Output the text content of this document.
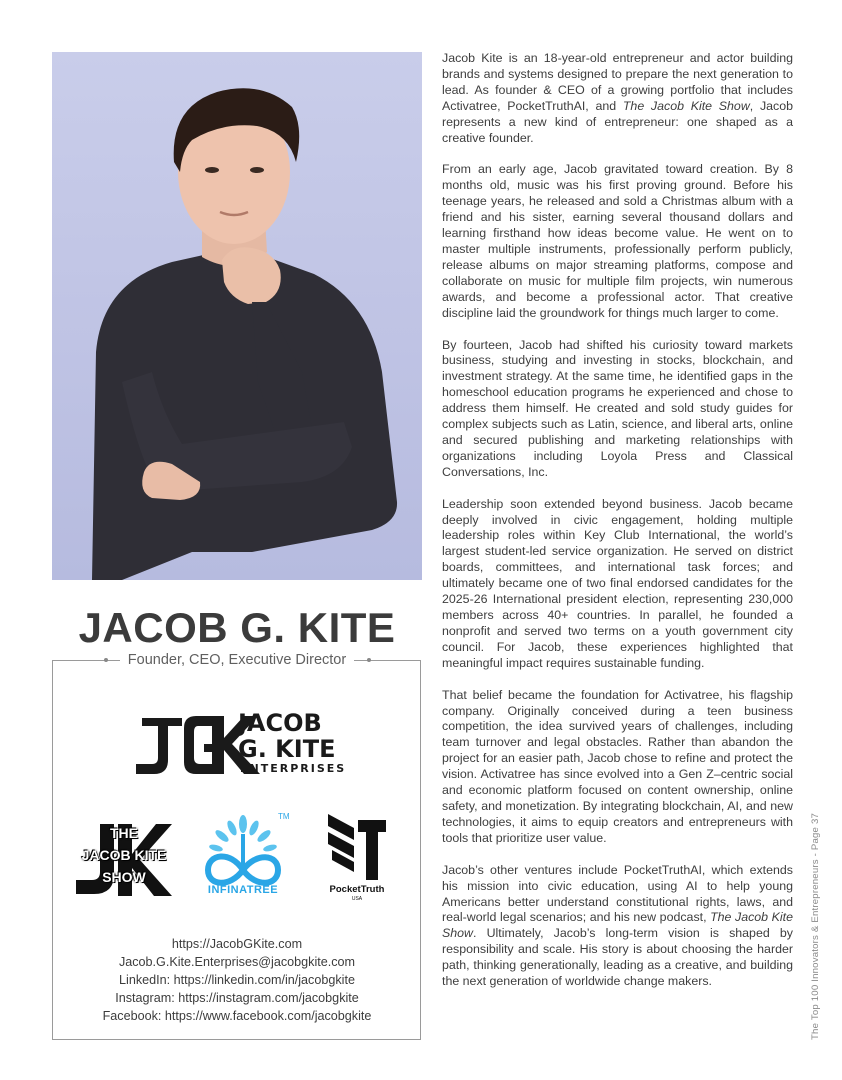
JACOB G. KITE
Founder, CEO, Executive Director
JACOB
G. KITE
ENTERPRISES
THE
JACOB KITE
SHOW
TM
INFINATREE	PocketTruth
USA
https://JacobGKite.com
Jacob.G.Kite.Enterprises@jacobgkite.com
LinkedIn: https://linkedin.com/in/jacobgkite
Instagram: https://instagram.com/jacobgkite
Facebook: https://www.facebook.com/jacobgkite

Jacob Kite is an 18-year-old entrepreneur and actor building brands and systems designed to prepare the next generation to lead. As founder & CEO of a growing portfolio that includes Activatree, PocketTruthAI, and The Jacob Kite Show, Jacob represents a new kind of entrepreneur: one shaped as a creative founder.

From an early age, Jacob gravitated toward creation. By 8 months old, music was his first proving ground. Before his teenage years, he released and sold a Christmas album with a friend and his sister, earning several thousand dollars and learning firsthand how ideas become value. He went on to master multiple instruments, professionally perform publicly, release albums on major streaming platforms, compose and collaborate on music for multiple film projects, win numerous awards, and become a professional actor. That creative discipline laid the groundwork for things much larger to come.

By fourteen, Jacob had shifted his curiosity toward markets business, studying and investing in stocks, blockchain, and investment strategy. At the same time, he identified gaps in the homeschool education programs he experienced and chose to address them himself. He created and sold study guides for complex subjects such as Latin, science, and liberal arts, online and secured publishing and marketing relationships with organizations including Loyola Press and Classical Conversations, Inc.

Leadership soon extended beyond business. Jacob became deeply involved in civic engagement, holding multiple leadership roles within Key Club International, the world’s largest student-led service organization. He served on district boards, committees, and international task forces; and ultimately became one of two final endorsed candidates for the 2025-26 International president election, representing 230,000 members across 40+ countries. In parallel, he founded a nonprofit and served two terms on a youth government city council. For Jacob, these experiences highlighted that meaningful impact requires sustainable funding.

That belief became the foundation for Activatree, his flagship company. Originally conceived during a teen business competition, the idea survived years of challenges, including team turnover and legal obstacles. Rather than abandon the project for an easier path, Jacob chose to refine and protect the vision. Activatree has since evolved into a Gen Z–centric social and economic platform focused on content ownership, online safety, and monetization. By integrating blockchain, AI, and new technologies, it aims to equip creators and entrepreneurs with tools that prioritize user value.

Jacob’s other ventures include PocketTruthAI, which extends his mission into civic education, using AI to help young Americans better understand constitutional rights, laws, and real-world legal scenarios; and his new podcast, The Jacob Kite Show. Ultimately, Jacob’s long-term vision is shaped by responsibility and scale. His story is about choosing the harder path, thinking generationally, leading as a creative, and building the next generation of worldwide change makers.	The Top 100 Innovators & Entrepreneurs - Page 37
